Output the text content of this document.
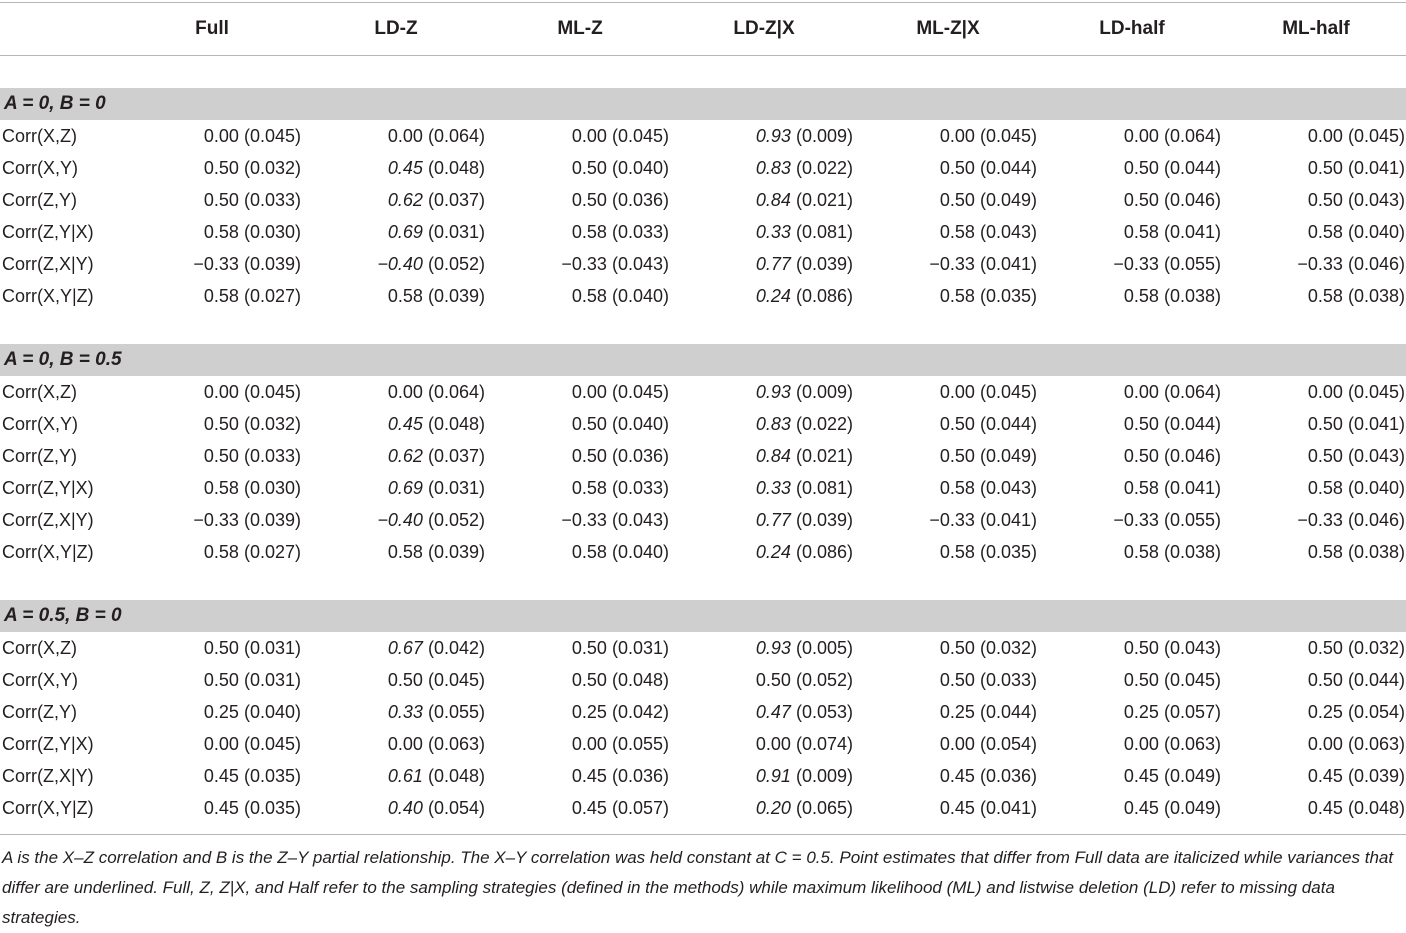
	Full	LD-Z	ML-Z	LD-Z|X	ML-Z|X	LD-half	ML-half

A = 0, B = 0							
Corr(X,Z)	0.00 (0.045)	0.00 (0.064)	0.00 (0.045)	0.93 (0.009)	0.00 (0.045)	0.00 (0.064)	0.00 (0.045)
Corr(X,Y)	0.50 (0.032)	0.45 (0.048)	0.50 (0.040)	0.83 (0.022)	0.50 (0.044)	0.50 (0.044)	0.50 (0.041)
Corr(Z,Y)	0.50 (0.033)	0.62 (0.037)	0.50 (0.036)	0.84 (0.021)	0.50 (0.049)	0.50 (0.046)	0.50 (0.043)
Corr(Z,Y|X)	0.58 (0.030)	0.69 (0.031)	0.58 (0.033)	0.33 (0.081)	0.58 (0.043)	0.58 (0.041)	0.58 (0.040)
Corr(Z,X|Y)	−0.33 (0.039)	−0.40 (0.052)	−0.33 (0.043)	0.77 (0.039)	−0.33 (0.041)	−0.33 (0.055)	−0.33 (0.046)
Corr(X,Y|Z)	0.58 (0.027)	0.58 (0.039)	0.58 (0.040)	0.24 (0.086)	0.58 (0.035)	0.58 (0.038)	0.58 (0.038)

A = 0, B = 0.5							
Corr(X,Z)	0.00 (0.045)	0.00 (0.064)	0.00 (0.045)	0.93 (0.009)	0.00 (0.045)	0.00 (0.064)	0.00 (0.045)
Corr(X,Y)	0.50 (0.032)	0.45 (0.048)	0.50 (0.040)	0.83 (0.022)	0.50 (0.044)	0.50 (0.044)	0.50 (0.041)
Corr(Z,Y)	0.50 (0.033)	0.62 (0.037)	0.50 (0.036)	0.84 (0.021)	0.50 (0.049)	0.50 (0.046)	0.50 (0.043)
Corr(Z,Y|X)	0.58 (0.030)	0.69 (0.031)	0.58 (0.033)	0.33 (0.081)	0.58 (0.043)	0.58 (0.041)	0.58 (0.040)
Corr(Z,X|Y)	−0.33 (0.039)	−0.40 (0.052)	−0.33 (0.043)	0.77 (0.039)	−0.33 (0.041)	−0.33 (0.055)	−0.33 (0.046)
Corr(X,Y|Z)	0.58 (0.027)	0.58 (0.039)	0.58 (0.040)	0.24 (0.086)	0.58 (0.035)	0.58 (0.038)	0.58 (0.038)

A = 0.5, B = 0							
Corr(X,Z)	0.50 (0.031)	0.67 (0.042)	0.50 (0.031)	0.93 (0.005)	0.50 (0.032)	0.50 (0.043)	0.50 (0.032)
Corr(X,Y)	0.50 (0.031)	0.50 (0.045)	0.50 (0.048)	0.50 (0.052)	0.50 (0.033)	0.50 (0.045)	0.50 (0.044)
Corr(Z,Y)	0.25 (0.040)	0.33 (0.055)	0.25 (0.042)	0.47 (0.053)	0.25 (0.044)	0.25 (0.057)	0.25 (0.054)
Corr(Z,Y|X)	0.00 (0.045)	0.00 (0.063)	0.00 (0.055)	0.00 (0.074)	0.00 (0.054)	0.00 (0.063)	0.00 (0.063)
Corr(Z,X|Y)	0.45 (0.035)	0.61 (0.048)	0.45 (0.036)	0.91 (0.009)	0.45 (0.036)	0.45 (0.049)	0.45 (0.039)
Corr(X,Y|Z)	0.45 (0.035)	0.40 (0.054)	0.45 (0.057)	0.20 (0.065)	0.45 (0.041)	0.45 (0.049)	0.45 (0.048)
A is the X–Z correlation and B is the Z–Y partial relationship. The X–Y correlation was held constant at C = 0.5. Point estimates that differ from Full data are italicized while variances that differ are underlined. Full, Z, Z|X, and Half refer to the sampling strategies (defined in the methods) while maximum likelihood (ML) and listwise deletion (LD) refer to missing data strategies.
